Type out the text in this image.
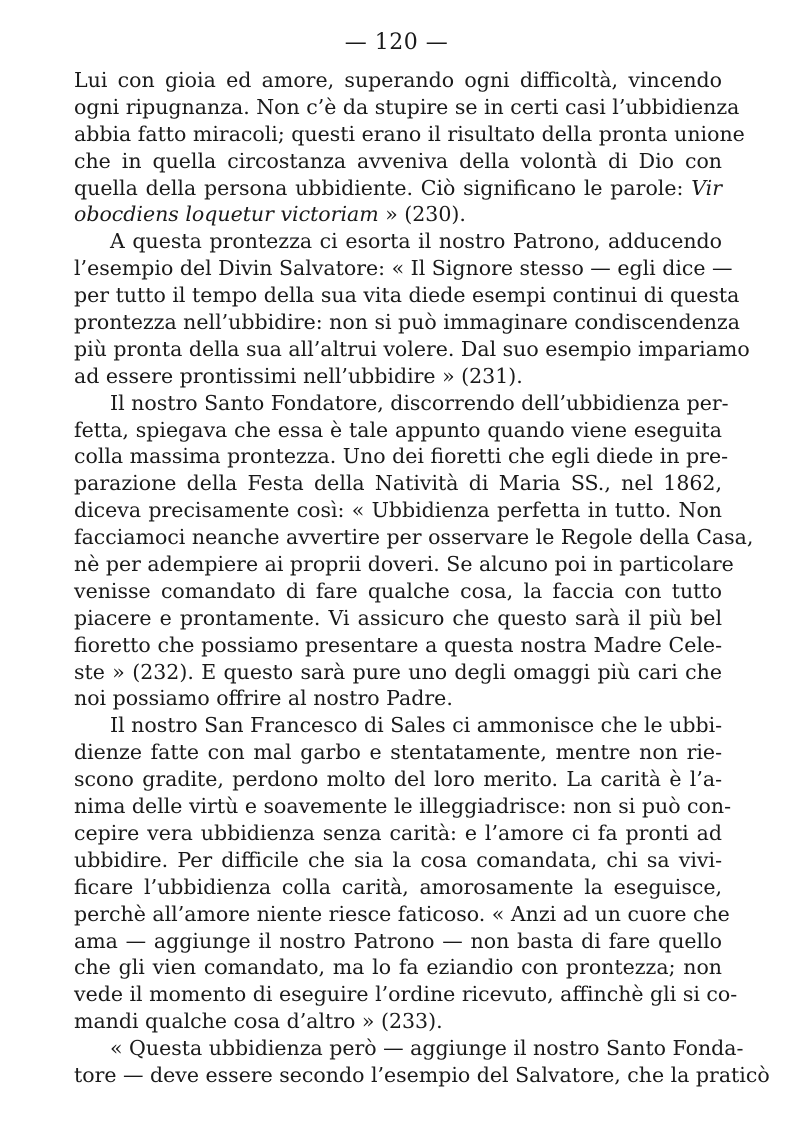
— 120 —
Lui con gioia ed amore, superando ogni difficoltà, vincendo
ogni ripugnanza. Non c’è da stupire se in certi casi l’ubbidienza
abbia fatto miracoli; questi erano il risultato della pronta unione
che in quella circostanza avveniva della volontà di Dio con
quella della persona ubbidiente. Ciò significano le parole: Vir
obocdiens loquetur victoriam » (230).
A questa prontezza ci esorta il nostro Patrono, adducendo
l’esempio del Divin Salvatore: « Il Signore stesso — egli dice —
per tutto il tempo della sua vita diede esempi continui di questa
prontezza nell’ubbidire: non si può immaginare condiscendenza
più pronta della sua all’altrui volere. Dal suo esempio impariamo
ad essere prontissimi nell’ubbidire » (231).
Il nostro Santo Fondatore, discorrendo dell’ubbidienza per-
fetta, spiegava che essa è tale appunto quando viene eseguita
colla massima prontezza. Uno dei fioretti che egli diede in pre-
parazione della Festa della Natività di Maria SS., nel 1862,
diceva precisamente così: « Ubbidienza perfetta in tutto. Non
facciamoci neanche avvertire per osservare le Regole della Casa,
nè per adempiere ai proprii doveri. Se alcuno poi in particolare
venisse comandato di fare qualche cosa, la faccia con tutto
piacere e prontamente. Vi assicuro che questo sarà il più bel
fioretto che possiamo presentare a questa nostra Madre Cele-
ste » (232). E questo sarà pure uno degli omaggi più cari che
noi possiamo offrire al nostro Padre.
Il nostro San Francesco di Sales ci ammonisce che le ubbi-
dienze fatte con mal garbo e stentatamente, mentre non rie-
scono gradite, perdono molto del loro merito. La carità è l’a-
nima delle virtù e soavemente le illeggiadrisce: non si può con-
cepire vera ubbidienza senza carità: e l’amore ci fa pronti ad
ubbidire. Per difficile che sia la cosa comandata, chi sa vivi-
ficare l’ubbidienza colla carità, amorosamente la eseguisce,
perchè all’amore niente riesce faticoso. « Anzi ad un cuore che
ama — aggiunge il nostro Patrono — non basta di fare quello
che gli vien comandato, ma lo fa eziandio con prontezza; non
vede il momento di eseguire l’ordine ricevuto, affinchè gli si co-
mandi qualche cosa d’altro » (233).
« Questa ubbidienza però — aggiunge il nostro Santo Fonda-
tore — deve essere secondo l’esempio del Salvatore, che la praticò
